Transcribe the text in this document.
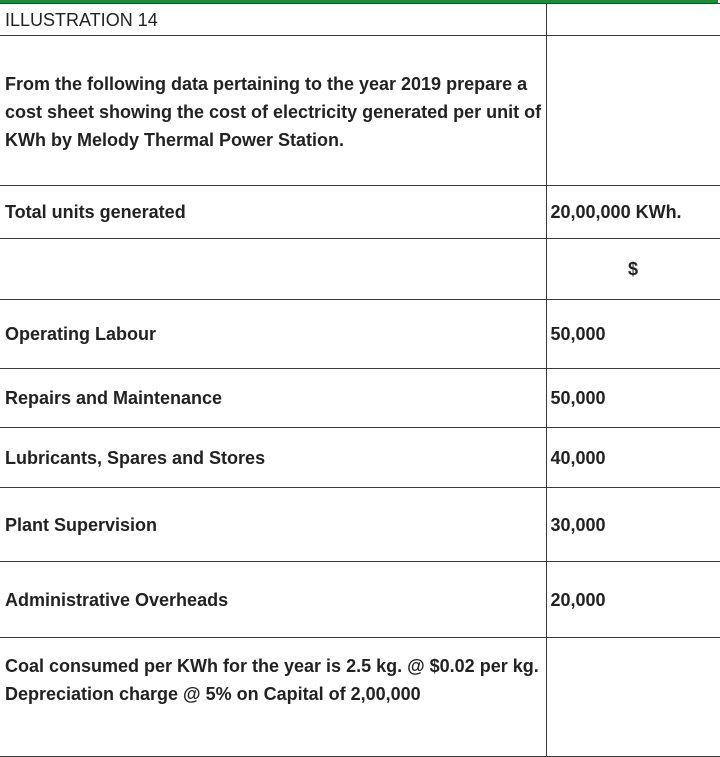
ILLUSTRATION 14	
From the following data pertaining to the year 2019 prepare a cost sheet showing the cost of electricity generated per unit of KWh by Melody Thermal Power Station.	
Total units generated	20,00,000 KWh.
	$
Operating Labour	50,000
Repairs and Maintenance	50,000
Lubricants, Spares and Stores	40,000
Plant Supervision	30,000
Administrative Overheads	20,000
Coal consumed per KWh for the year is 2.5 kg. @ $0.02 per kg. Depreciation charge @ 5% on Capital of 2,00,000	
